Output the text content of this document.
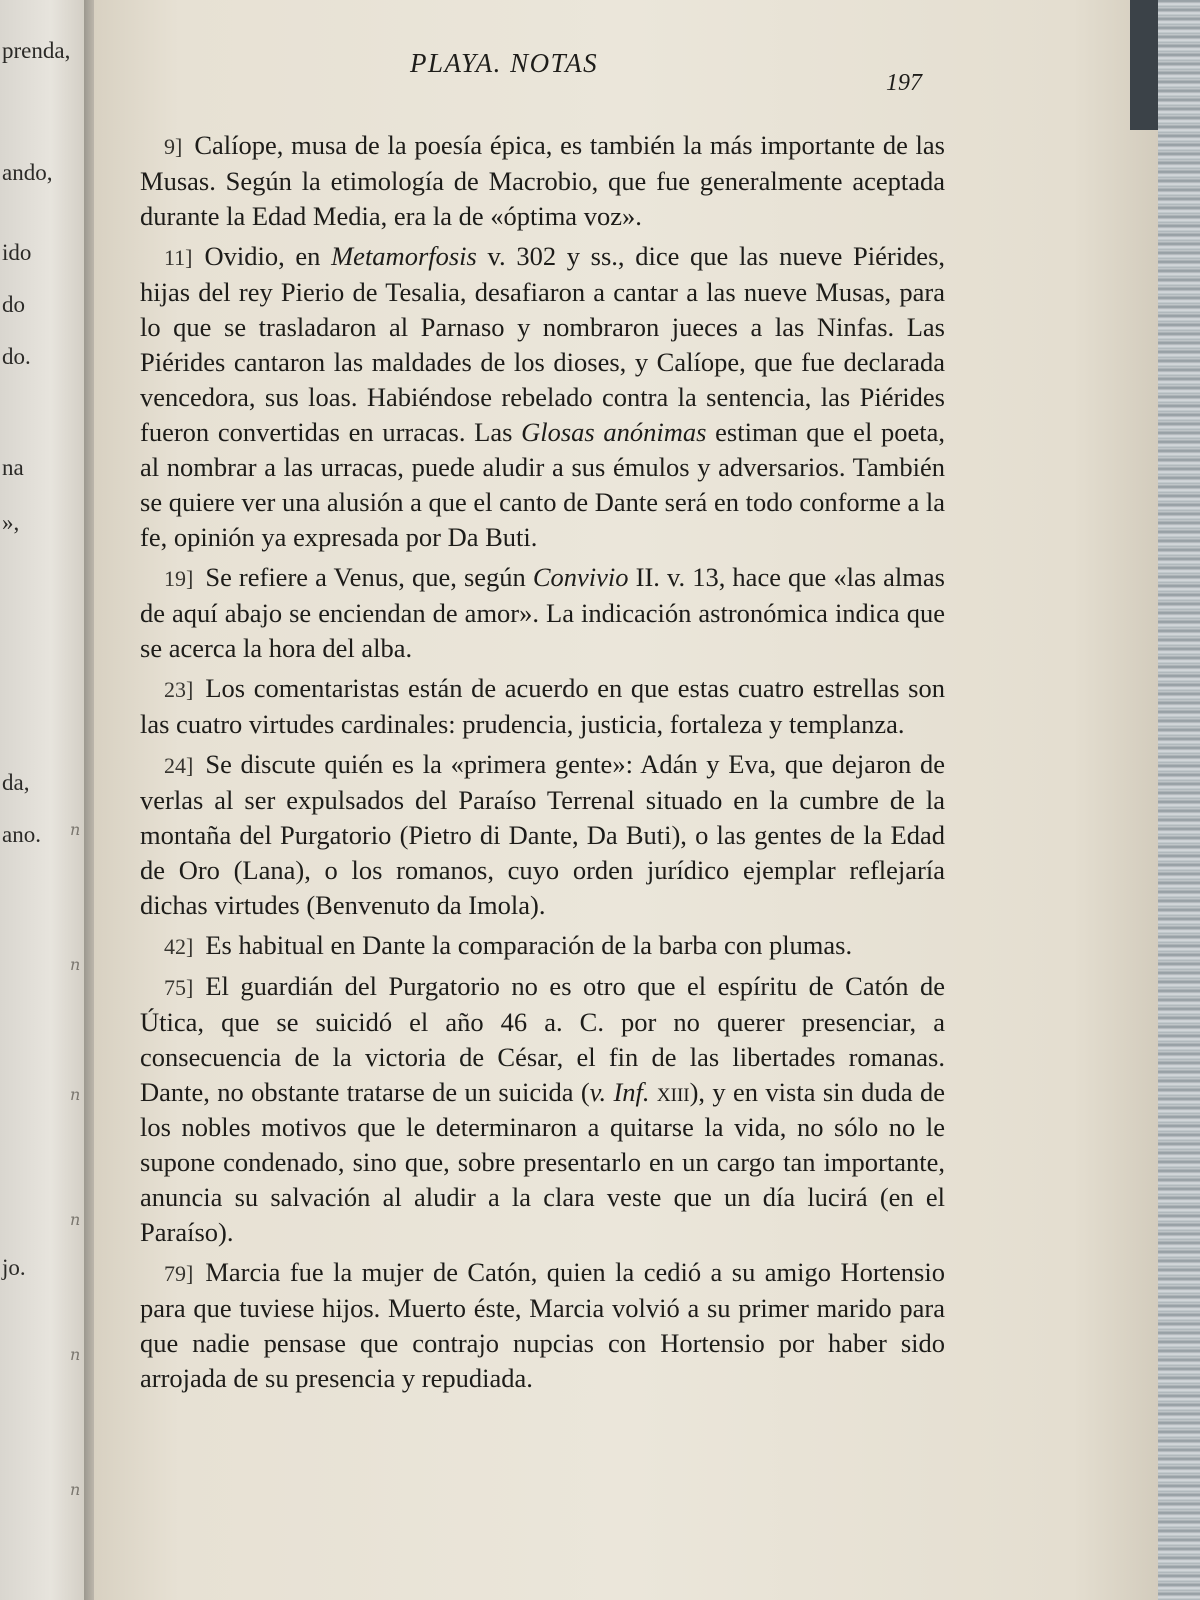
prenda,
ando,
ido
do
do.
na
»,
da,
ano.
jo.
n
n
n
n
n
n
PLAYA. NOTAS
197

9] Calíope, musa de la poesía épica, es también la más importante de las Musas. Según la etimología de Macrobio, que fue generalmente aceptada durante la Edad Media, era la de «óptima voz».

11] Ovidio, en Metamorfosis v. 302 y ss., dice que las nueve Piérides, hijas del rey Pierio de Tesalia, desafiaron a cantar a las nueve Musas, para lo que se trasladaron al Parnaso y nombraron jueces a las Ninfas. Las Piérides cantaron las maldades de los dioses, y Calíope, que fue declarada vencedora, sus loas. Habiéndose rebelado contra la sentencia, las Piérides fueron convertidas en urracas. Las Glosas anónimas estiman que el poeta, al nombrar a las urracas, puede aludir a sus émulos y adversarios. También se quiere ver una alusión a que el canto de Dante será en todo conforme a la fe, opinión ya expresada por Da Buti.

19] Se refiere a Venus, que, según Convivio II. v. 13, hace que «las almas de aquí abajo se enciendan de amor». La indicación astronómica indica que se acerca la hora del alba.

23] Los comentaristas están de acuerdo en que estas cuatro estrellas son las cuatro virtudes cardinales: prudencia, justicia, fortaleza y templanza.

24] Se discute quién es la «primera gente»: Adán y Eva, que dejaron de verlas al ser expulsados del Paraíso Terrenal situado en la cumbre de la montaña del Purgatorio (Pietro di Dante, Da Buti), o las gentes de la Edad de Oro (Lana), o los romanos, cuyo orden jurídico ejemplar reflejaría dichas virtudes (Benvenuto da Imola).

42] Es habitual en Dante la comparación de la barba con plumas.

75] El guardián del Purgatorio no es otro que el espíritu de Catón de Útica, que se suicidó el año 46 a. C. por no querer presenciar, a consecuencia de la victoria de César, el fin de las libertades romanas. Dante, no obstante tratarse de un suicida (v. Inf. xiii), y en vista sin duda de los nobles motivos que le determinaron a quitarse la vida, no sólo no le supone condenado, sino que, sobre presentarlo en un cargo tan importante, anuncia su salvación al aludir a la clara veste que un día lucirá (en el Paraíso).

79] Marcia fue la mujer de Catón, quien la cedió a su amigo Hortensio para que tuviese hijos. Muerto éste, Marcia volvió a su primer marido para que nadie pensase que contrajo nupcias con Hortensio por haber sido arrojada de su presencia y repudiada.
